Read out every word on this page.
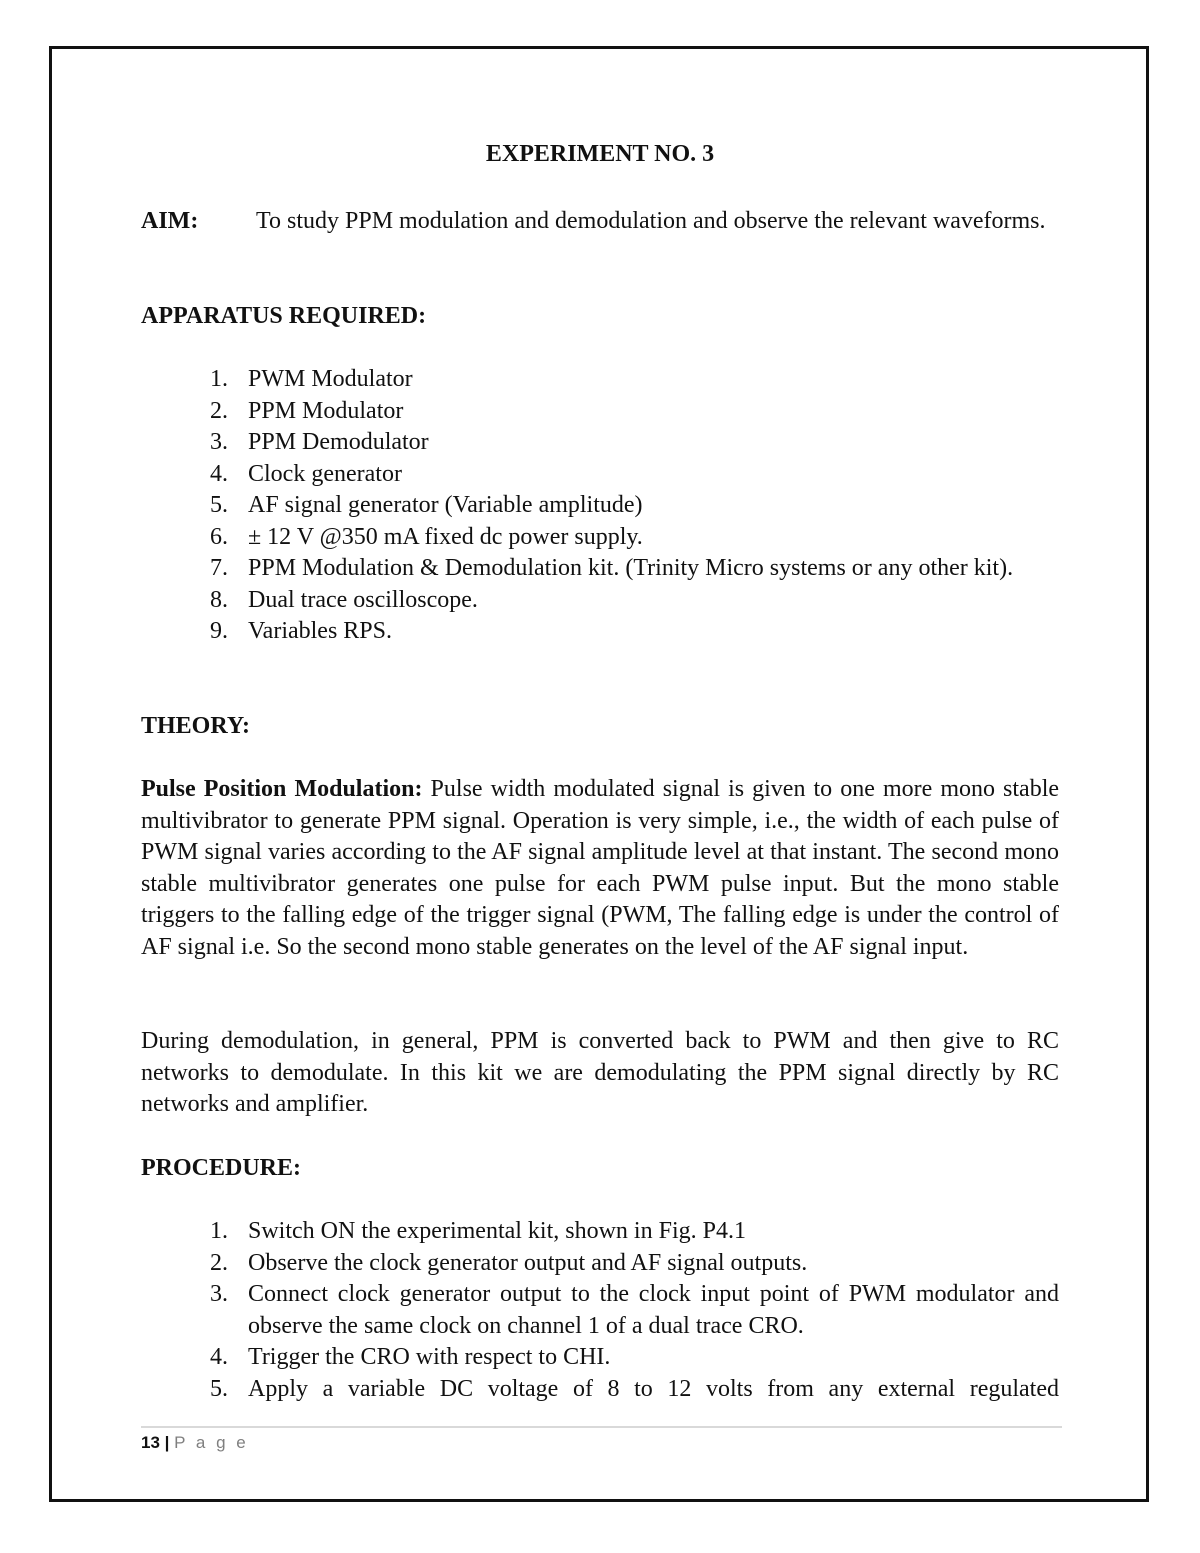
EXPERIMENT NO. 3
AIM: To study PPM modulation and demodulation and observe the relevant waveforms.
APPARATUS REQUIRED:
1. PWM Modulator
2. PPM Modulator
3. PPM Demodulator
4. Clock generator
5. AF signal generator (Variable amplitude)
6. ± 12 V @350 mA fixed dc power supply.
7. PPM Modulation & Demodulation kit. (Trinity Micro systems or any other kit).
8. Dual trace oscilloscope.
9. Variables RPS.
THEORY:
Pulse Position Modulation: Pulse width modulated signal is given to one more mono stable multivibrator to generate PPM signal. Operation is very simple, i.e., the width of each pulse of PWM signal varies according to the AF signal amplitude level at that instant. The second mono stable multivibrator generates one pulse for each PWM pulse input. But the mono stable triggers to the falling edge of the trigger signal (PWM, The falling edge is under the control of AF signal i.e. So the second mono stable generates on the level of the AF signal input.
During demodulation, in general, PPM is converted back to PWM and then give to RC networks to demodulate. In this kit we are demodulating the PPM signal directly by RC networks and amplifier.
PROCEDURE:
1. Switch ON the experimental kit, shown in Fig. P4.1
2. Observe the clock generator output and AF signal outputs.
3. Connect clock generator output to the clock input point of PWM modulator and observe the same clock on channel 1 of a dual trace CRO.
4. Trigger the CRO with respect to CHI.
5. Apply a variable DC voltage of 8 to 12 volts from any external regulated
13 | P a g e
